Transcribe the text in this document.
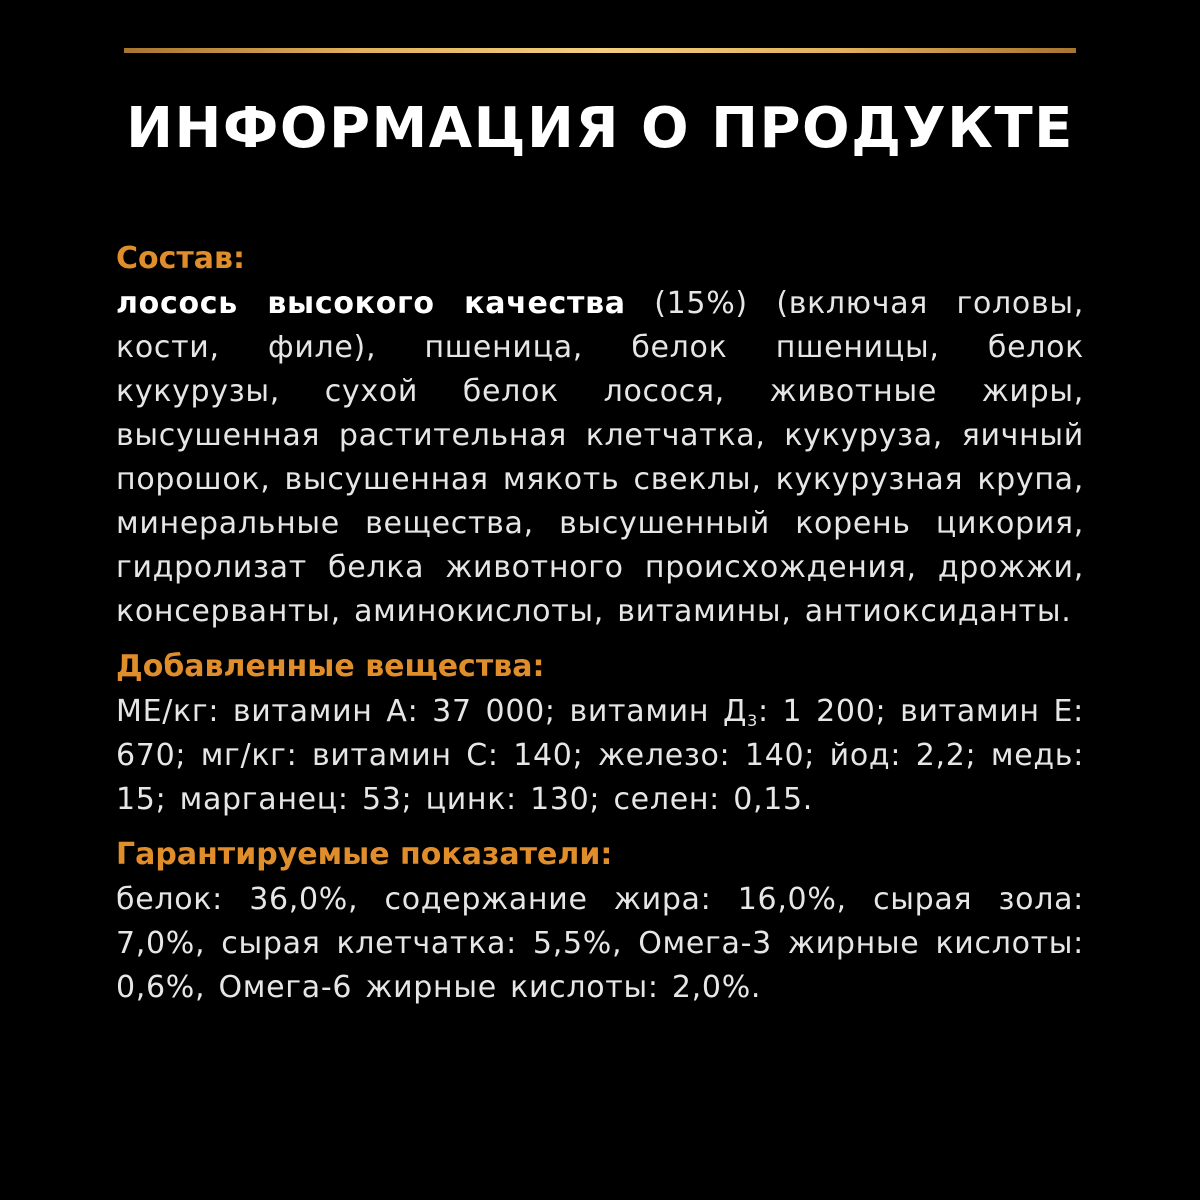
ИНФОРМАЦИЯ О ПРОДУКТЕ

Состав:

лосось высокого качества (15%) (включая головы, кости, филе), пшеница, белок пшеницы, белок кукурузы, сухой белок лосося, животные жиры, высушенная растительная клетчатка, кукуруза, яичный порошок, высушенная мякоть свеклы, кукурузная крупа, минеральные вещества, высушенный корень цикория, гидролизат белка животного происхождения, дрожжи, консерванты, аминокислоты, витамины, антиоксиданты.

Добавленные вещества:

МЕ/кг: витамин А: 37 000; витамин $Д_3$: 1 200; витамин Е: 670; мг/кг: витамин С: 140; железо: 140; йод: 2,2; медь: 15; марганец: 53; цинк: 130; селен: 0,15.

Гарантируемые показатели:

белок: 36,0%, содержание жира: 16,0%, сырая зола: 7,0%, сырая клетчатка: 5,5%, Омега-3 жирные кислоты: 0,6%, Омега-6 жирные кислоты: 2,0%.
